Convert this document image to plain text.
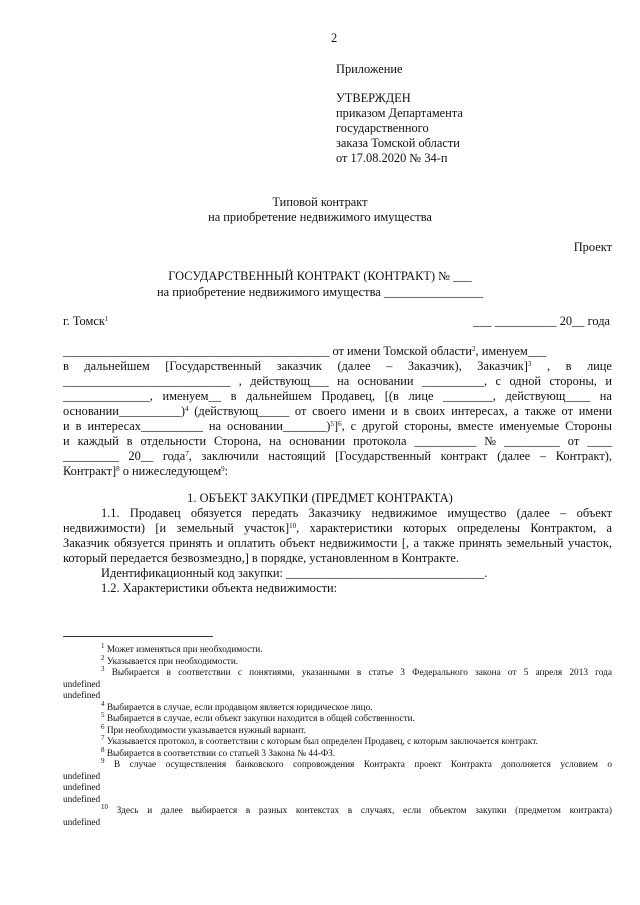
2
Приложение
УТВЕРЖДЕН
приказом Департамента
государственного
заказа Томской области
от 17.08.2020 № 34-п
Типовой контракт
на приобретение недвижимого имущества
Проект
ГОСУДАРСТВЕННЫЙ КОНТРАКТ (КОНТРАКТ) № ___
на приобретение недвижимого имущества ________________
г. Томск$^1$	___ __________ 20__ года
___________________________________________ от имени Томской области$^2$, именуем___
в дальнейшем [Государственный заказчик (далее – Заказчик), Заказчик]$^3$ , в лице
___________________________ , действующ___ на основании __________, с одной стороны, и
______________, именуем__ в дальнейшем Продавец, [(в лице ________, действующ____ на
основании__________)$^4$ (действующ_____ от своего имени и в своих интересах, а также от имени
и в интересах__________ на основании_______)$^5$]$^6$, с другой стороны, вместе именуемые Стороны
и каждый в отдельности Сторона, на основании протокола __________ № _________ от ____
_________ 20__ года$^7$, заключили настоящий [Государственный контракт (далее – Контракт),
Контракт]$^8$ о нижеследующем$^9$:
1. ОБЪЕКТ ЗАКУПКИ (ПРЕДМЕТ КОНТРАКТА)
1.1. Продавец обязуется передать Заказчику недвижимое имущество (далее – объект
недвижимости) [и земельный участок]$^{10}$, характеристики которых определены Контрактом, а
Заказчик обязуется принять и оплатить объект недвижимости [, а также принять земельный участок,
который передается безвозмездно,] в порядке, установленном в Контракте.
Идентификационный код закупки: ________________________________.
1.2. Характеристики объекта недвижимости:
$^1$ Может изменяться при необходимости.
$^2$ Указывается при необходимости.
$^3$ Выбирается в соответствии с понятиями, указанными в статье 3 Федерального закона от 5 апреля 2013 года
undefined
undefined
$^4$ Выбирается в случае, если продавцом является юридическое лицо.
$^5$ Выбирается в случае, если объект закупки находится в общей собственности.
$^6$ При необходимости указывается нужный вариант.
$^7$ Указывается протокол, в соответствии с которым был определен Продавец, с которым заключается контракт.
$^8$ Выбирается в соответствии со статьей 3 Закона № 44-ФЗ.
$^9$ В случае осуществления банковского сопровождения Контракта проект Контракта дополняется условием о
undefined
undefined
undefined
$^{10}$ Здесь и далее выбирается в разных контекстах в случаях, если объектом закупки (предметом контракта)
undefined
